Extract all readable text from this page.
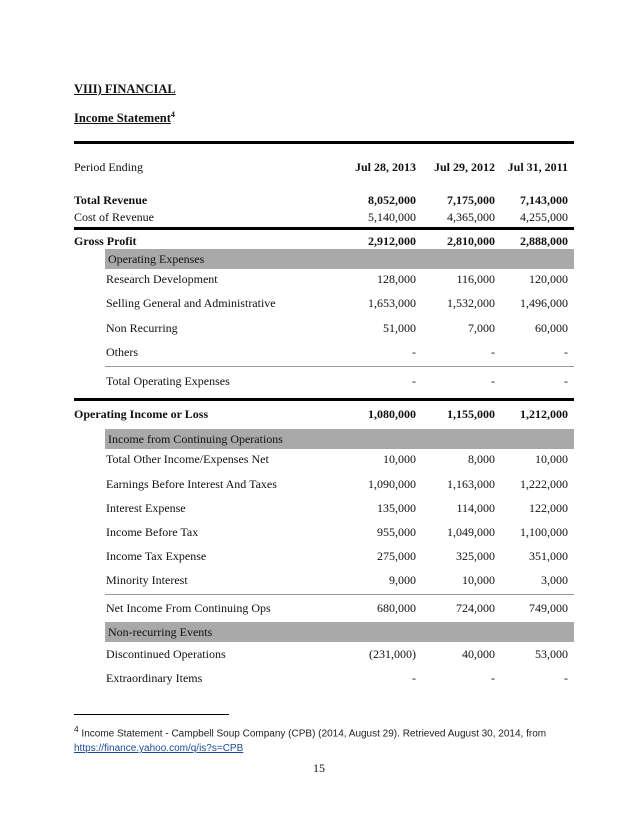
VIII) FINANCIAL
Income Statement$^4$
Period Ending	Jul 28, 2013	Jul 29, 2012	Jul 31, 2011
Total Revenue	8,052,000	7,175,000	7,143,000
Cost of Revenue	5,140,000	4,365,000	4,255,000
Gross Profit	2,912,000	2,810,000	2,888,000
Operating Expenses
Research Development	128,000	116,000	120,000
Selling General and Administrative	1,653,000	1,532,000	1,496,000
Non Recurring	51,000	7,000	60,000
Others	-	-	-
Total Operating Expenses	-	-	-
Operating Income or Loss	1,080,000	1,155,000	1,212,000
Income from Continuing Operations
Total Other Income/Expenses Net	10,000	8,000	10,000
Earnings Before Interest And Taxes	1,090,000	1,163,000	1,222,000
Interest Expense	135,000	114,000	122,000
Income Before Tax	955,000	1,049,000	1,100,000
Income Tax Expense	275,000	325,000	351,000
Minority Interest	9,000	10,000	3,000
Net Income From Continuing Ops	680,000	724,000	749,000
Non-recurring Events
Discontinued Operations	(231,000)	40,000	53,000
Extraordinary Items	-	-	-
$^4$ Income Statement - Campbell Soup Company (CPB) (2014, August 29). Retrieved August 30, 2014, from https://finance.yahoo.com/q/is?s=CPB
15
